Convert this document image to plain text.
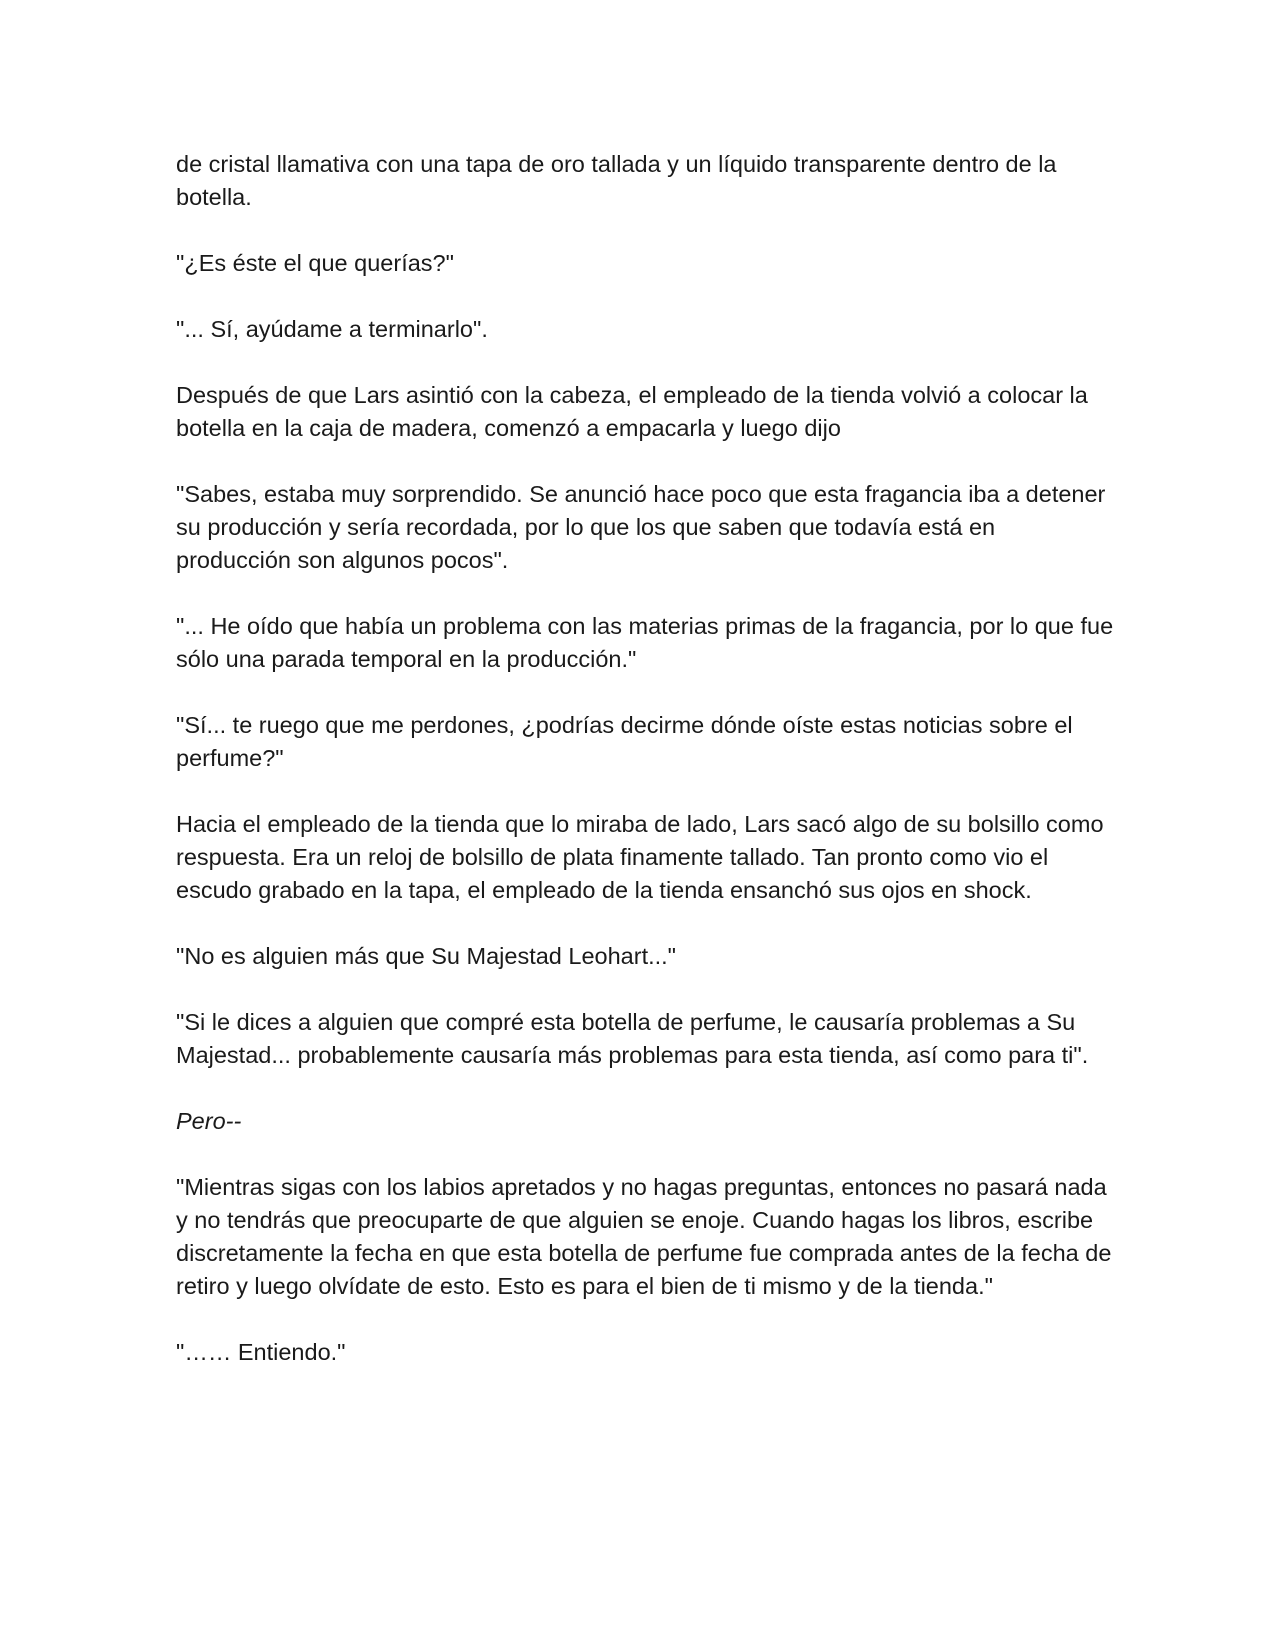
de cristal llamativa con una tapa de oro tallada y un líquido transparente dentro de la botella.

"¿Es éste el que querías?"

"... Sí, ayúdame a terminarlo".

Después de que Lars asintió con la cabeza, el empleado de la tienda volvió a colocar la botella en la caja de madera, comenzó a empacarla y luego dijo

"Sabes, estaba muy sorprendido. Se anunció hace poco que esta fragancia iba a detener su producción y sería recordada, por lo que los que saben que todavía está en producción son algunos pocos".

"... He oído que había un problema con las materias primas de la fragancia, por lo que fue sólo una parada temporal en la producción."

"Sí... te ruego que me perdones, ¿podrías decirme dónde oíste estas noticias sobre el perfume?"

Hacia el empleado de la tienda que lo miraba de lado, Lars sacó algo de su bolsillo como respuesta. Era un reloj de bolsillo de plata finamente tallado. Tan pronto como vio el escudo grabado en la tapa, el empleado de la tienda ensanchó sus ojos en shock.

"No es alguien más que Su Majestad Leohart..."

"Si le dices a alguien que compré esta botella de perfume, le causaría problemas a Su Majestad... probablemente causaría más problemas para esta tienda, así como para ti".

Pero--

"Mientras sigas con los labios apretados y no hagas preguntas, entonces no pasará nada y no tendrás que preocuparte de que alguien se enoje. Cuando hagas los libros, escribe discretamente la fecha en que esta botella de perfume fue comprada antes de la fecha de retiro y luego olvídate de esto. Esto es para el bien de ti mismo y de la tienda."

"…… Entiendo."
